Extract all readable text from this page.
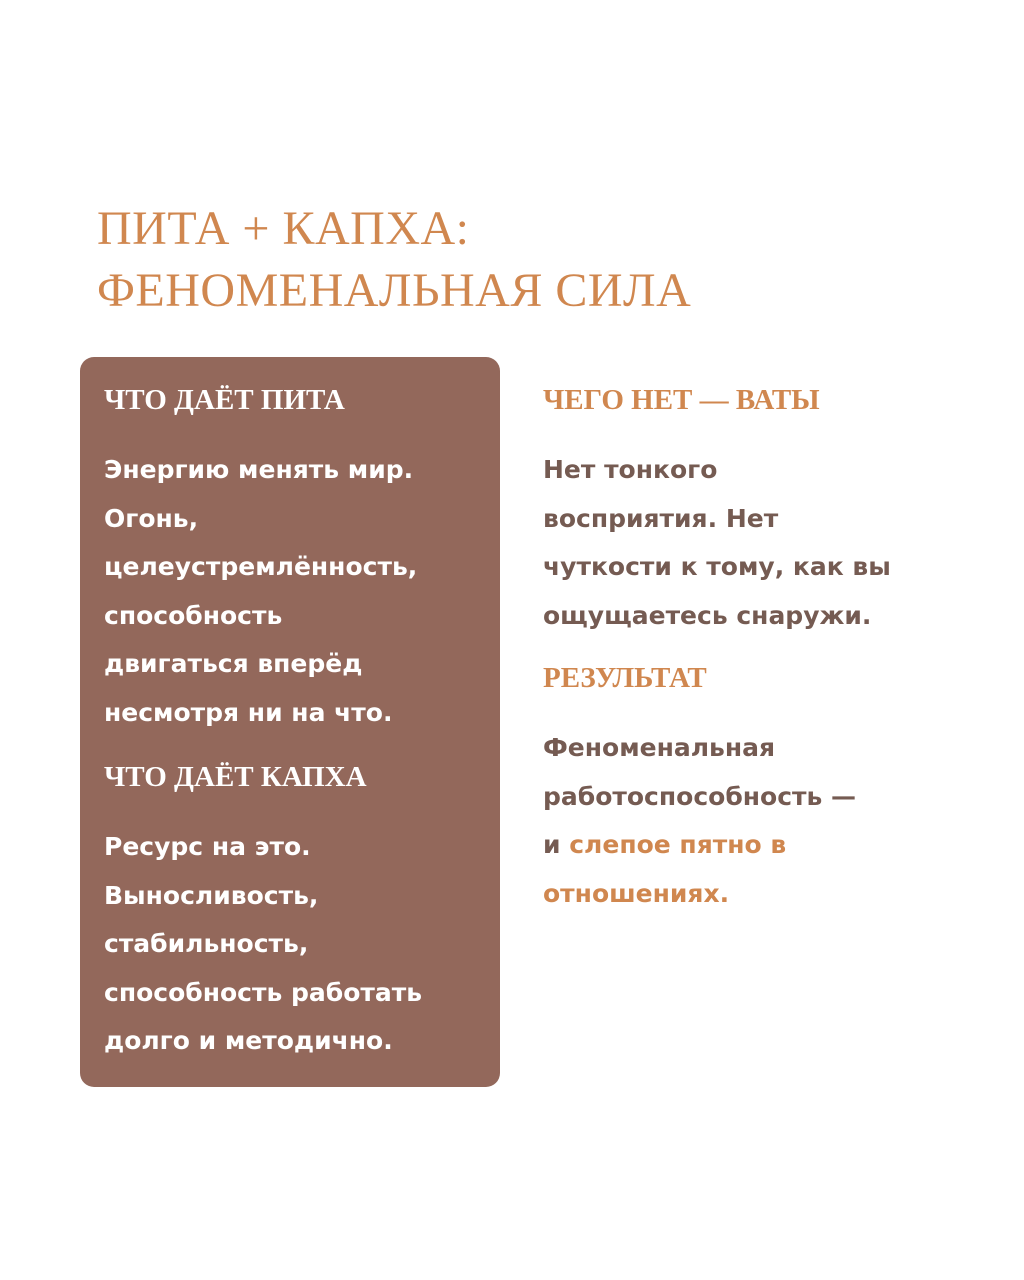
ПИТА + КАПХА:
ФЕНОМЕНАЛЬНАЯ СИЛА
ЧТО ДАЁТ ПИТА

Энергию менять мир.
Огонь,
целеустремлённость,
способность
двигаться вперёд
несмотря ни на что.

ЧТО ДАЁТ КАПХА

Ресурс на это.
Выносливость,
стабильность,
способность работать
долго и методично.

ЧЕГО НЕТ — ВАТЫ

Нет тонкого
восприятия. Нет
чуткости к тому, как вы
ощущаетесь снаружи.

РЕЗУЛЬТАТ

Феноменальная
работоспособность —
и слепое пятно в
отношениях.
